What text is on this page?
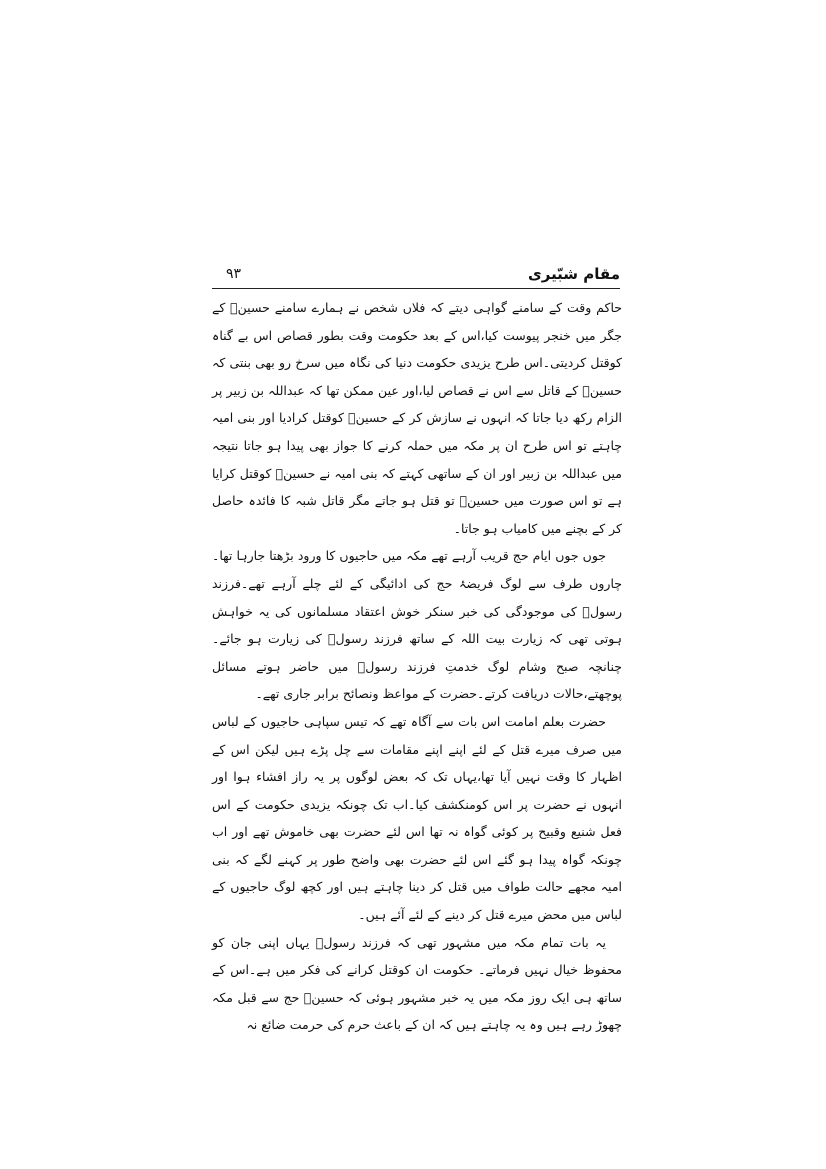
مقام شبّیری
۹۳

حاکم وقت کے سامنے گواہی دیتے کہ فلاں شخص نے ہمارے سامنے حسینؑ کے جگر میں خنجر پیوست کیا،اس کے بعد حکومت وقت بطور قصاص اس بے گناہ کوقتل کردیتی۔اس طرح یزیدی حکومت دنیا کی نگاہ میں سرخ رو بھی بنتی کہ حسینؑ کے قاتل سے اس نے قصاص لیا،اور عین ممکن تھا کہ عبداللہ بن زبیر پر الزام رکھ دیا جاتا کہ انہوں نے سازش کر کے حسینؑ کوقتل کرادیا اور بنی امیہ چاہتے تو اس طرح ان پر مکہ میں حملہ کرنے کا جواز بھی پیدا ہو جاتا نتیجہ میں عبداللہ بن زبیر اور ان کے ساتھی کہتے کہ بنی امیہ نے حسینؑ کوقتل کرایا ہے تو اس صورت میں حسینؑ تو قتل ہو جاتے مگر قاتل شبہ کا فائدہ حاصل کر کے بچنے میں کامیاب ہو جاتا۔

جوں جوں ایام حج قریب آرہے تھے مکہ میں حاجیوں کا ورود بڑھتا جارہا تھا۔چاروں طرف سے لوگ فریضۂ حج کی ادائیگی کے لئے چلے آرہے تھے۔فرزند رسولؐ کی موجودگی کی خبر سنکر خوش اعتقاد مسلمانوں کی یہ خواہش ہوتی تھی کہ زیارت بیت اللہ کے ساتھ فرزند رسولؐ کی زیارت ہو جائے۔ چنانچہ صبح وشام لوگ خدمتِ فرزند رسولؐ میں حاضر ہوتے مسائل پوچھتے،حالات دریافت کرتے۔حضرت کے مواعظ ونصائح برابر جاری تھے۔

حضرت بعلم امامت اس بات سے آگاہ تھے کہ تیس سپاہی حاجیوں کے لباس میں صرف میرے قتل کے لئے اپنے اپنے مقامات سے چل پڑے ہیں لیکن اس کے اظہار کا وقت نہیں آیا تھا،یہاں تک کہ بعض لوگوں پر یہ راز افشاء ہوا اور انہوں نے حضرت پر اس کومنکشف کیا۔اب تک چونکہ یزیدی حکومت کے اس فعل شنیع وقبیح پر کوئی گواہ نہ تھا اس لئے حضرت بھی خاموش تھے اور اب چونکہ گواہ پیدا ہو گئے اس لئے حضرت بھی واضح طور پر کہنے لگے کہ بنی امیہ مجھے حالت طواف میں قتل کر دینا چاہتے ہیں اور کچھ لوگ حاجیوں کے لباس میں محض میرے قتل کر دینے کے لئے آئے ہیں۔

یہ بات تمام مکہ میں مشہور تھی کہ فرزند رسولؐ یہاں اپنی جان کو محفوظ خیال نہیں فرماتے۔ حکومت ان کوقتل کرانے کی فکر میں ہے۔اس کے ساتھ ہی ایک روز مکہ میں یہ خبر مشہور ہوئی کہ حسینؑ حج سے قبل مکہ چھوڑ رہے ہیں وہ یہ چاہتے ہیں کہ ان کے باعث حرم کی حرمت ضائع نہ
